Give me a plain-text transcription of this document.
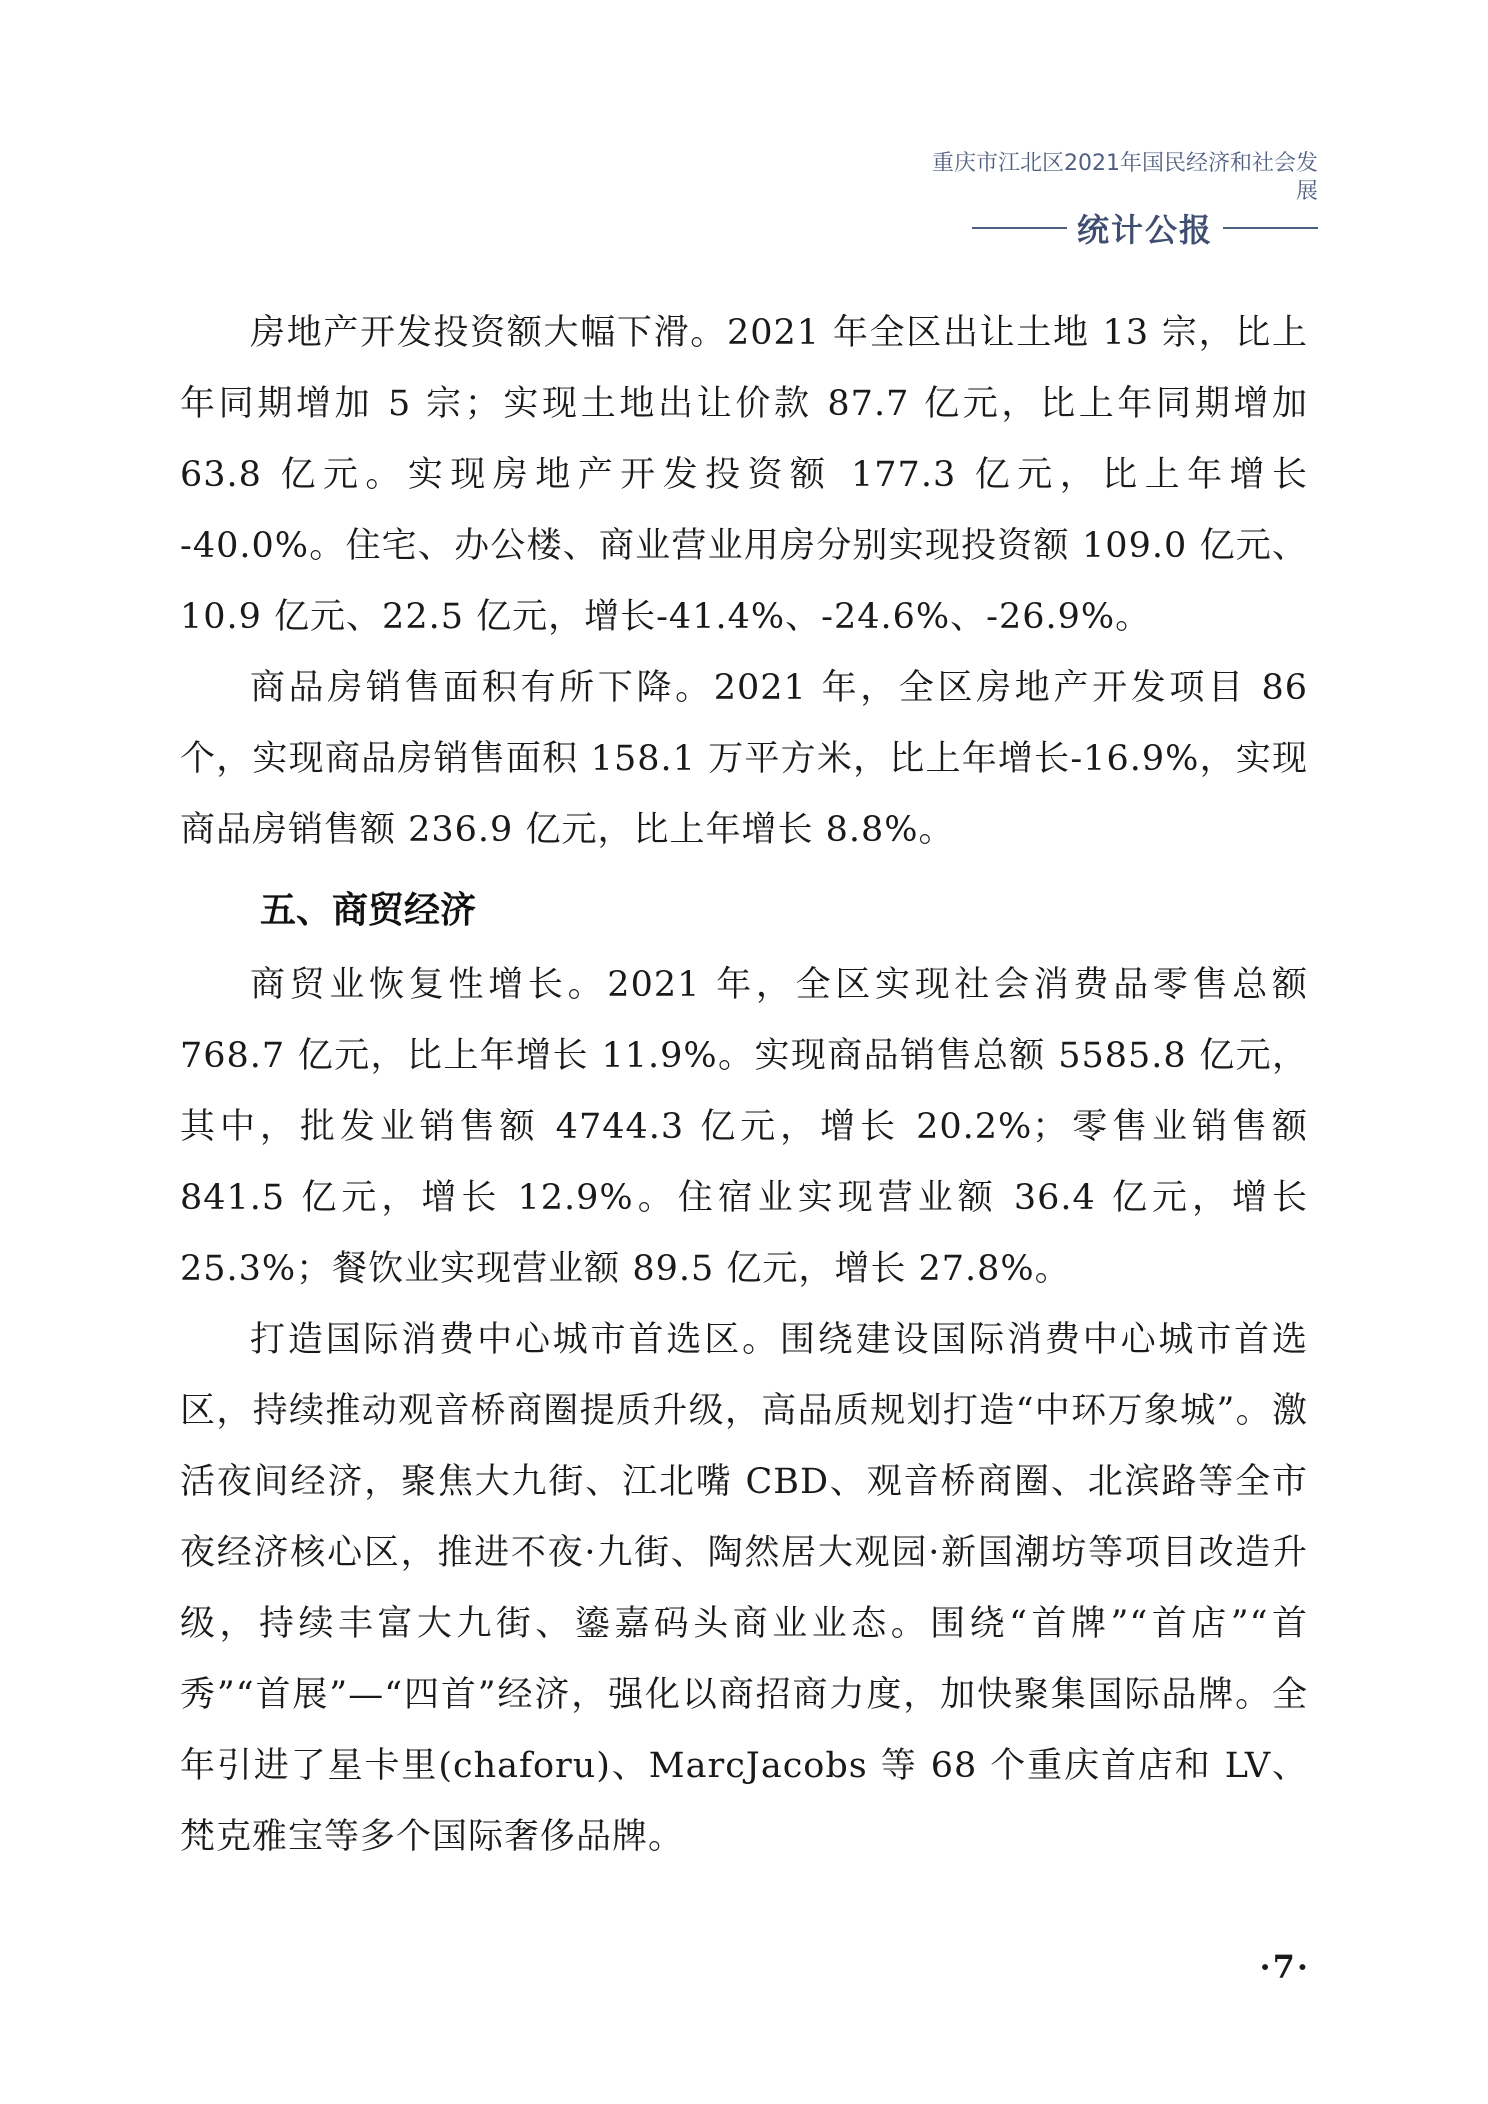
重庆市江北区2021年国民经济和社会发展
统计公报

房地产开发投资额大幅下滑。2021 年全区出让土地 13 宗，比上年同期增加 5 宗；实现土地出让价款 87.7 亿元，比上年同期增加 63.8 亿元。实现房地产开发投资额 177.3 亿元，比上年增长 -40.0%。住宅、办公楼、商业营业用房分别实现投资额 109.0 亿元、10.9 亿元、22.5 亿元，增长-41.4%、-24.6%、-26.9%。

商品房销售面积有所下降。2021 年，全区房地产开发项目 86 个，实现商品房销售面积 158.1 万平方米，比上年增长-16.9%，实现商品房销售额 236.9 亿元，比上年增长 8.8%。

五、商贸经济

商贸业恢复性增长。2021 年，全区实现社会消费品零售总额 768.7 亿元，比上年增长 11.9%。实现商品销售总额 5585.8 亿元，其中，批发业销售额 4744.3 亿元，增长 20.2%；零售业销售额 841.5 亿元，增长 12.9%。住宿业实现营业额 36.4 亿元，增长 25.3%；餐饮业实现营业额 89.5 亿元，增长 27.8%。

打造国际消费中心城市首选区。围绕建设国际消费中心城市首选区，持续推动观音桥商圈提质升级，高品质规划打造“中环万象城”。激活夜间经济，聚焦大九街、江北嘴 CBD、观音桥商圈、北滨路等全市夜经济核心区，推进不夜·九街、陶然居大观园·新国潮坊等项目改造升级，持续丰富大九街、鎏嘉码头商业业态。围绕“首牌”“首店”“首秀”“首展”—“四首”经济，强化以商招商力度，加快聚集国际品牌。全年引进了星卡里(chaforu)、MarcJacobs 等 68 个重庆首店和 LV、梵克雅宝等多个国际奢侈品牌。

·7·
